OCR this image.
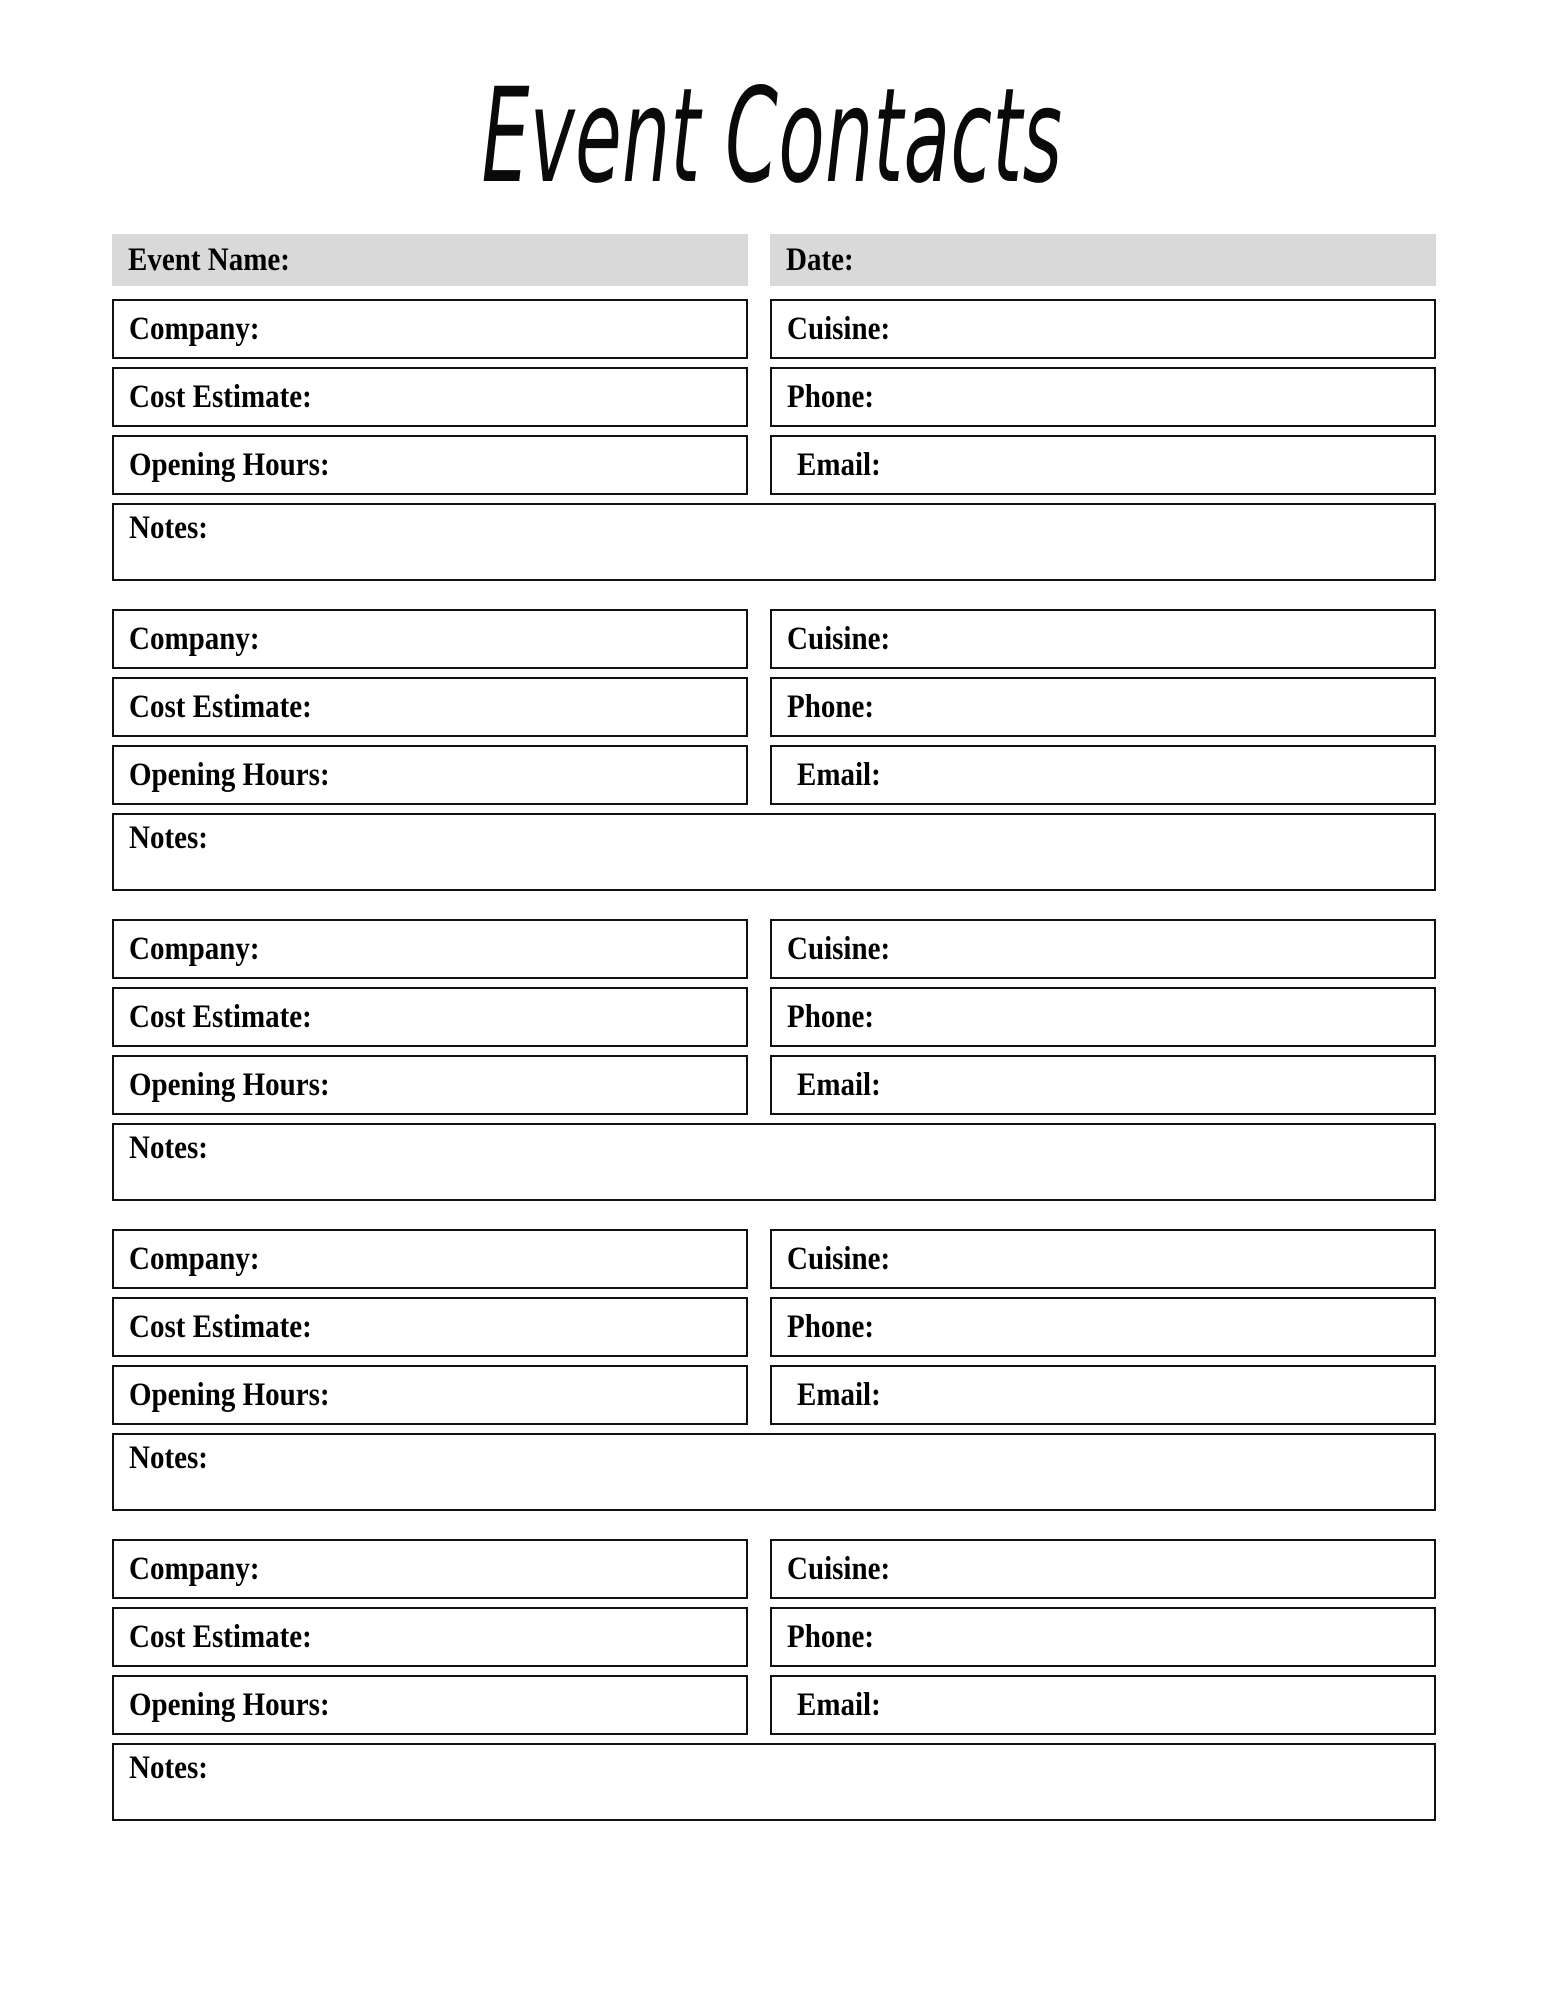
Event Contacts
Event Name:	Date:
Company:	Cuisine:
Cost Estimate:	Phone:
Opening Hours:	Email:
Notes:
Company:	Cuisine:
Cost Estimate:	Phone:
Opening Hours:	Email:
Notes:
Company:	Cuisine:
Cost Estimate:	Phone:
Opening Hours:	Email:
Notes:
Company:	Cuisine:
Cost Estimate:	Phone:
Opening Hours:	Email:
Notes:
Company:	Cuisine:
Cost Estimate:	Phone:
Opening Hours:	Email:
Notes:
